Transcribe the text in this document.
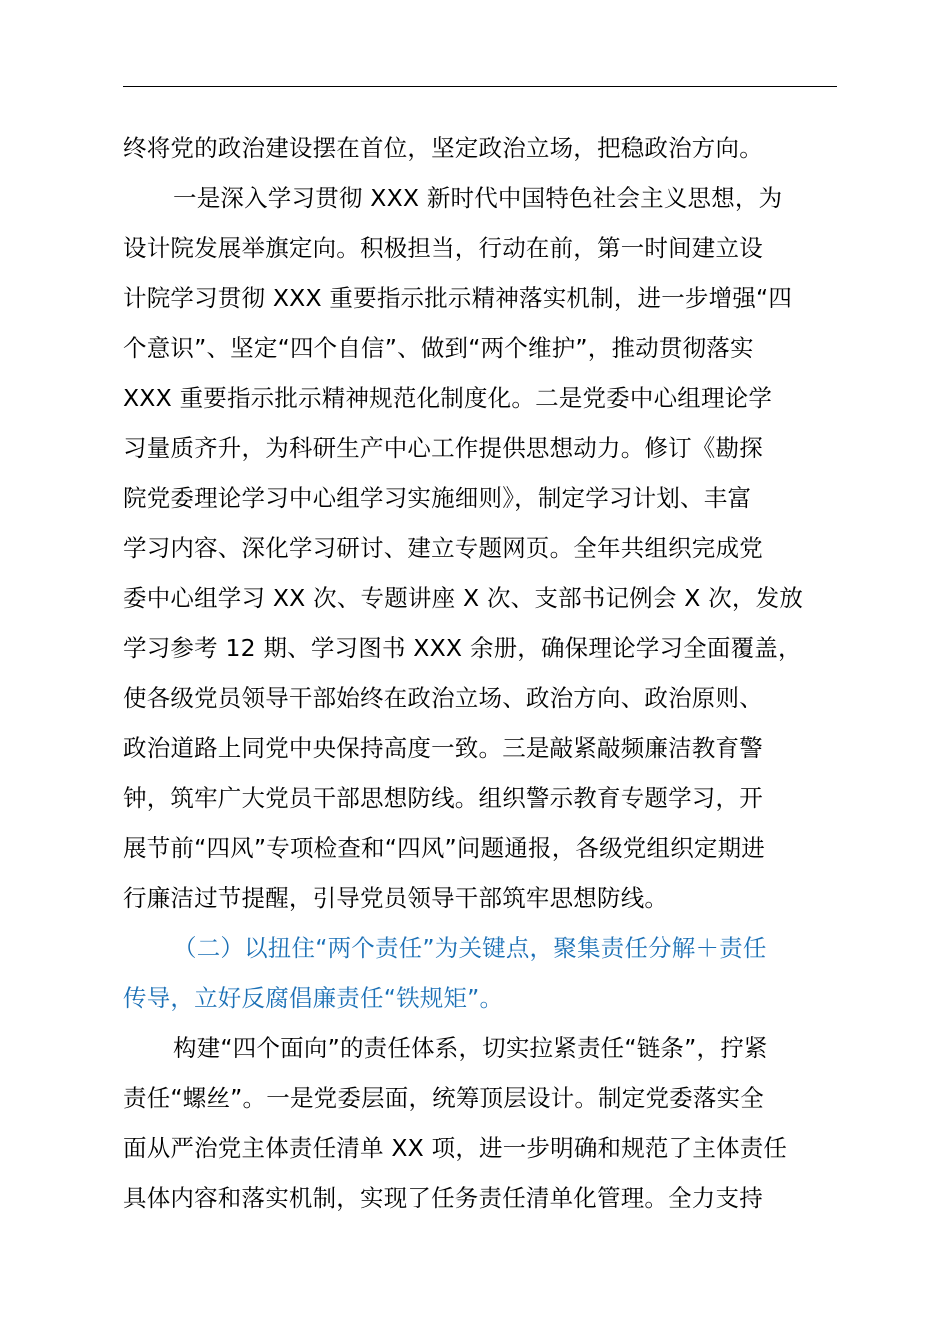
终将党的政治建设摆在首位，坚定政治立场，把稳政治方向。
一是深入学习贯彻 XXX 新时代中国特色社会主义思想，为
设计院发展举旗定向。积极担当，行动在前，第一时间建立设
计院学习贯彻 XXX 重要指示批示精神落实机制，进一步增强“四
个意识”、坚定“四个自信”、做到“两个维护”，推动贯彻落实
XXX 重要指示批示精神规范化制度化。二是党委中心组理论学
习量质齐升，为科研生产中心工作提供思想动力。修订《勘探
院党委理论学习中心组学习实施细则》，制定学习计划、丰富
学习内容、深化学习研讨、建立专题网页。全年共组织完成党
委中心组学习 XX 次、专题讲座 X 次、支部书记例会 X 次，发放
学习参考 12 期、学习图书 XXX 余册，确保理论学习全面覆盖，
使各级党员领导干部始终在政治立场、政治方向、政治原则、
政治道路上同党中央保持高度一致。三是敲紧敲频廉洁教育警
钟，筑牢广大党员干部思想防线。组织警示教育专题学习，开
展节前“四风”专项检查和“四风”问题通报，各级党组织定期进
行廉洁过节提醒，引导党员领导干部筑牢思想防线。
（二）以扭住“两个责任”为关键点，聚集责任分解＋责任
传导，立好反腐倡廉责任“铁规矩”。
构建“四个面向”的责任体系，切实拉紧责任“链条”，拧紧
责任“螺丝”。一是党委层面，统筹顶层设计。制定党委落实全
面从严治党主体责任清单 XX 项，进一步明确和规范了主体责任
具体内容和落实机制，实现了任务责任清单化管理。全力支持
